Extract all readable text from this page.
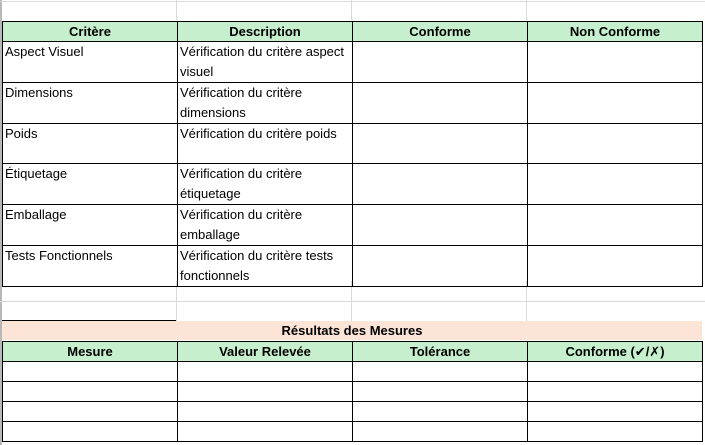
Critère	Description	Conforme	Non Conforme
Aspect Visuel	Vérification du critère aspect visuel		
Dimensions	Vérification du critère dimensions		
Poids	Vérification du critère poids		
Étiquetage	Vérification du critère étiquetage		
Emballage	Vérification du critère emballage		
Tests Fonctionnels	Vérification du critère tests fonctionnels		
Résultats des Mesures
Mesure	Valeur Relevée	Tolérance	Conforme (✔/✗)
